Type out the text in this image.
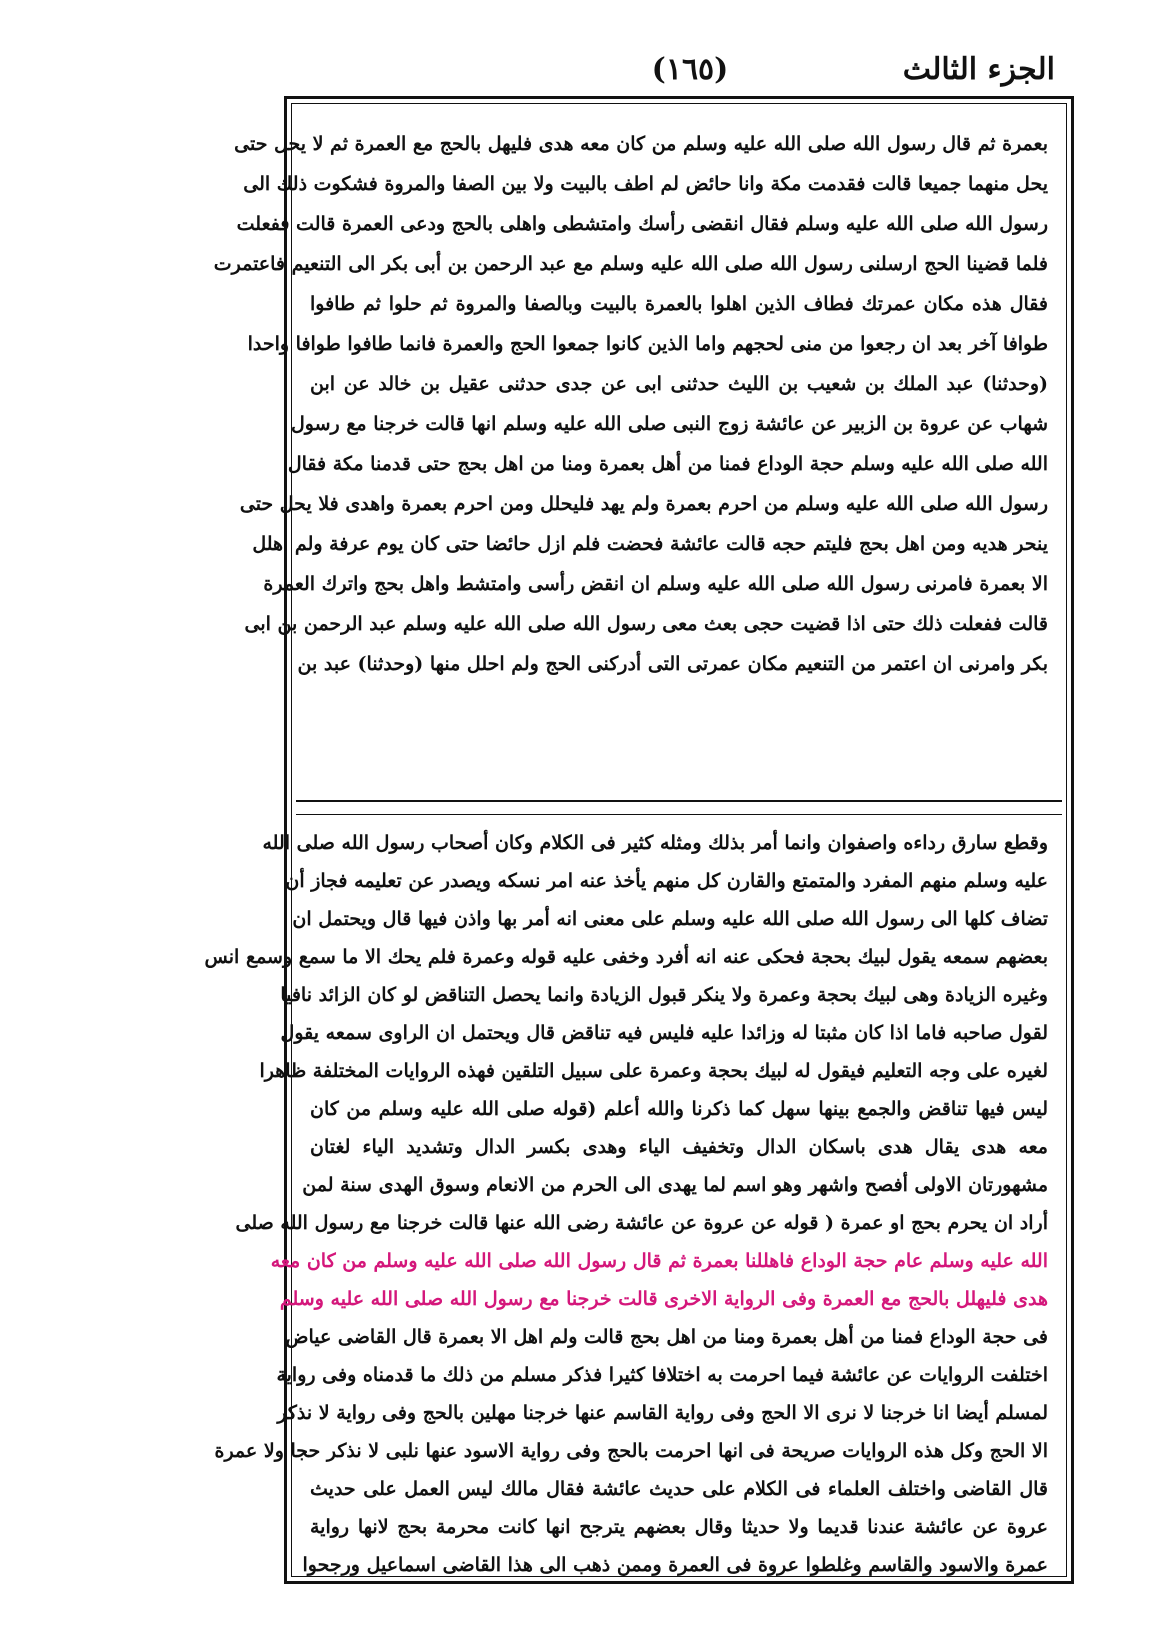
الجزء الثالث
(١٦٥)
بعمرة ثم قال رسول الله صلى الله عليه وسلم من كان معه هدى فليهل بالحج مع العمرة ثم لا يحل حتى
يحل منهما جميعا قالت فقدمت مكة وانا حائض لم اطف بالبيت ولا بين الصفا والمروة فشكوت ذلك الى
رسول الله صلى الله عليه وسلم فقال انقضى رأسك وامتشطى واهلى بالحج ودعى العمرة قالت ففعلت
فلما قضينا الحج ارسلنى رسول الله صلى الله عليه وسلم مع عبد الرحمن بن أبى بكر الى التنعيم فاعتمرت
فقال هذه مكان عمرتك فطاف الذين اهلوا بالعمرة بالبيت وبالصفا والمروة ثم حلوا ثم طافوا
طوافا آخر بعد ان رجعوا من منى لحجهم واما الذين كانوا جمعوا الحج والعمرة فانما طافوا طوافا واحدا
(وحدثنا) عبد الملك بن شعيب بن الليث حدثنى ابى عن جدى حدثنى عقيل بن خالد عن ابن
شهاب عن عروة بن الزبير عن عائشة زوج النبى صلى الله عليه وسلم انها قالت خرجنا مع رسول
الله صلى الله عليه وسلم حجة الوداع فمنا من أهل بعمرة ومنا من اهل بحج حتى قدمنا مكة فقال
رسول الله صلى الله عليه وسلم من احرم بعمرة ولم يهد فليحلل ومن احرم بعمرة واهدى فلا يحل حتى
ينحر هديه ومن اهل بحج فليتم حجه قالت عائشة فحضت فلم ازل حائضا حتى كان يوم عرفة ولم اهلل
الا بعمرة فامرنى رسول الله صلى الله عليه وسلم ان انقض رأسى وامتشط واهل بحج واترك العمرة
قالت ففعلت ذلك حتى اذا قضيت حجى بعث معى رسول الله صلى الله عليه وسلم عبد الرحمن بن ابى
بكر وامرنى ان اعتمر من التنعيم مكان عمرتى التى أدركنى الحج ولم احلل منها (وحدثنا) عبد بن
وقطع سارق رداءه واصفوان وانما أمر بذلك ومثله كثير فى الكلام وكان أصحاب رسول الله صلى الله
عليه وسلم منهم المفرد والمتمتع والقارن كل منهم يأخذ عنه امر نسكه ويصدر عن تعليمه فجاز أن
تضاف كلها الى رسول الله صلى الله عليه وسلم على معنى انه أمر بها واذن فيها قال ويحتمل ان
بعضهم سمعه يقول لبيك بحجة فحكى عنه انه أفرد وخفى عليه قوله وعمرة فلم يحك الا ما سمع وسمع انس
وغيره الزيادة وهى لبيك بحجة وعمرة ولا ينكر قبول الزيادة وانما يحصل التناقض لو كان الزائد نافيا
لقول صاحبه فاما اذا كان مثبتا له وزائدا عليه فليس فيه تناقض قال ويحتمل ان الراوى سمعه يقول
لغيره على وجه التعليم فيقول له لبيك بحجة وعمرة على سبيل التلقين فهذه الروايات المختلفة ظاهرا
ليس فيها تناقض والجمع بينها سهل كما ذكرنا والله أعلم (قوله صلى الله عليه وسلم من كان
معه هدى يقال هدى باسكان الدال وتخفيف الياء وهدى بكسر الدال وتشديد الياء لغتان
مشهورتان الاولى أفصح واشهر وهو اسم لما يهدى الى الحرم من الانعام وسوق الهدى سنة لمن
أراد ان يحرم بحج او عمرة ( قوله عن عروة عن عائشة رضى الله عنها قالت خرجنا مع رسول الله صلى
الله عليه وسلم عام حجة الوداع فاهللنا بعمرة ثم قال رسول الله صلى الله عليه وسلم من كان معه
هدى فليهلل بالحج مع العمرة وفى الرواية الاخرى قالت خرجنا مع رسول الله صلى الله عليه وسلم
فى حجة الوداع فمنا من أهل بعمرة ومنا من اهل بحج قالت ولم اهل الا بعمرة قال القاضى عياض
اختلفت الروايات عن عائشة فيما احرمت به اختلافا كثيرا فذكر مسلم من ذلك ما قدمناه وفى رواية
لمسلم أيضا انا خرجنا لا نرى الا الحج وفى رواية القاسم عنها خرجنا مهلين بالحج وفى رواية لا نذكر
الا الحج وكل هذه الروايات صريحة فى انها احرمت بالحج وفى رواية الاسود عنها نلبى لا نذكر حجا ولا عمرة
قال القاضى واختلف العلماء فى الكلام على حديث عائشة فقال مالك ليس العمل على حديث
عروة عن عائشة عندنا قديما ولا حديثا وقال بعضهم يترجح انها كانت محرمة بحج لانها رواية
عمرة والاسود والقاسم وغلطوا عروة فى العمرة وممن ذهب الى هذا القاضى اسماعيل ورجحوا
